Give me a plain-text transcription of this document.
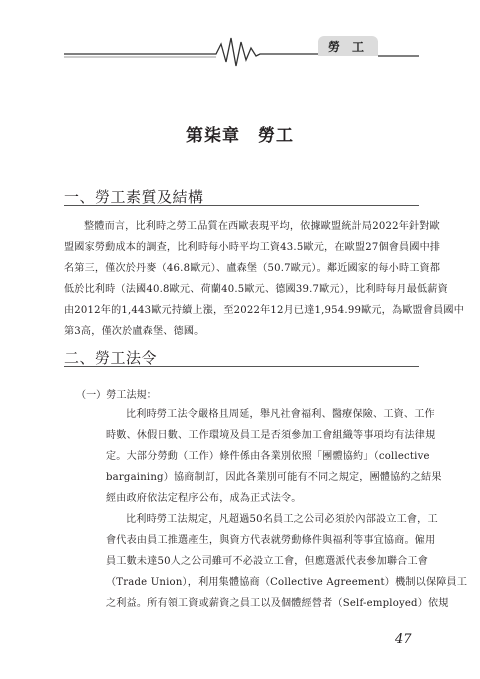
勞工
第柒章　勞工
一、勞工素質及結構
整體而言，比利時之勞工品質在西歐表現平均，依據歐盟統計局2022年針對歐
盟國家勞動成本的調查，比利時每小時平均工資43.5歐元，在歐盟27個會員國中排
名第三，僅次於丹麥（46.8歐元）、盧森堡（50.7歐元）。鄰近國家的每小時工資都
低於比利時（法國40.8歐元、荷蘭40.5歐元、德國39.7歐元），比利時每月最低薪資
由2012年的1,443歐元持續上漲，至2022年12月已達1,954.99歐元，為歐盟會員國中
第3高，僅次於盧森堡、德國。
二、勞工法令
（一）勞工法規：
比利時勞工法令嚴格且周延，舉凡社會福利、醫療保險、工資、工作
時數、休假日數、工作環境及員工是否須參加工會組織等事項均有法律規
定。大部分勞動（工作）條件係由各業別依照「團體協約」（collective
bargaining）協商制訂，因此各業別可能有不同之規定，團體協約之結果
經由政府依法定程序公布，成為正式法令。
比利時勞工法規定，凡超過50名員工之公司必須於內部設立工會，工
會代表由員工推選產生，與資方代表就勞動條件與福利等事宜協商。僱用
員工數未達50人之公司雖可不必設立工會，但應選派代表參加聯合工會
（Trade Union），利用集體協商（Collective Agreement）機制以保障員工
之利益。所有領工資或薪資之員工以及個體經營者（Self-employed）依規
47
